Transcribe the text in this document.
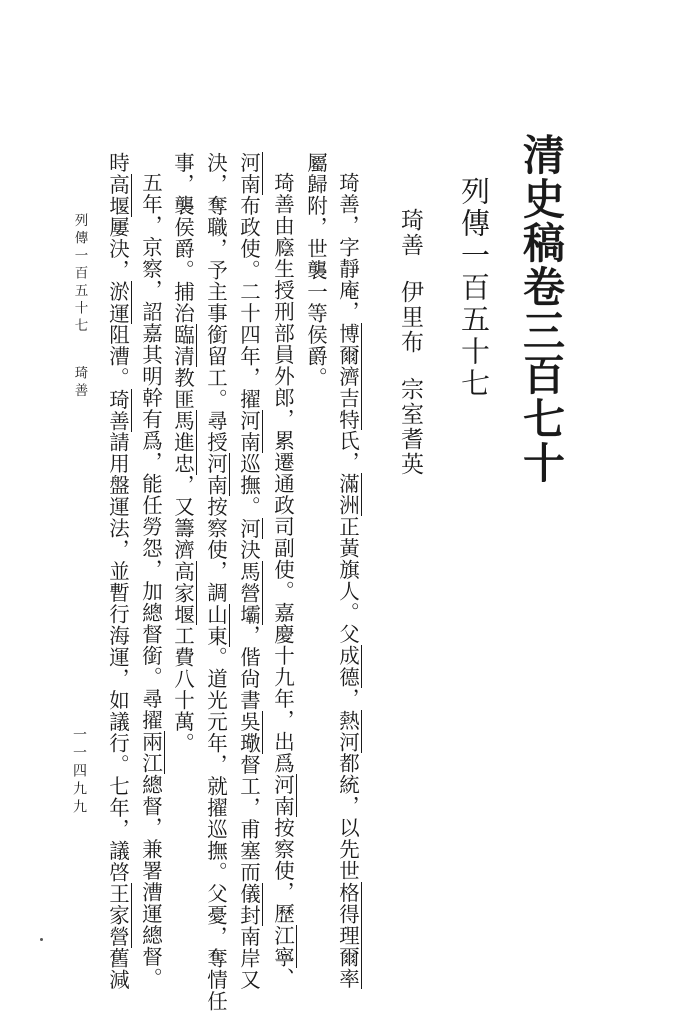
清史稿卷三百七十
列傳一百五十七
琦善伊里布宗室耆英
琦善，字靜庵，博爾濟吉特氏，滿洲正黃旗人。父成德，熱河都統，以先世格得理爾率
屬歸附，世襲一等侯爵。
琦善由廕生授刑部員外郎，累遷通政司副使。嘉慶十九年，出爲河南按察使，歷江寧、
河南布政使。二十四年，擢河南巡撫。河決馬營壩，偕尙書吳璥督工，甫塞而儀封南岸又
決，奪職，予主事銜留工。尋授河南按察使，調山東。道光元年，就擢巡撫。父憂，奪情任
事，襲侯爵。捕治臨清教匪馬進忠，又籌濟高家堰工費八十萬。
五年，京察，詔嘉其明幹有爲，能任勞怨，加總督銜。尋擢兩江總督，兼署漕運總督。
時高堰屢決，淤運阻漕。琦善請用盤運法，並暫行海運，如議行。七年，議啓王家營舊減
列傳一百五十七琦善
一一四九九
